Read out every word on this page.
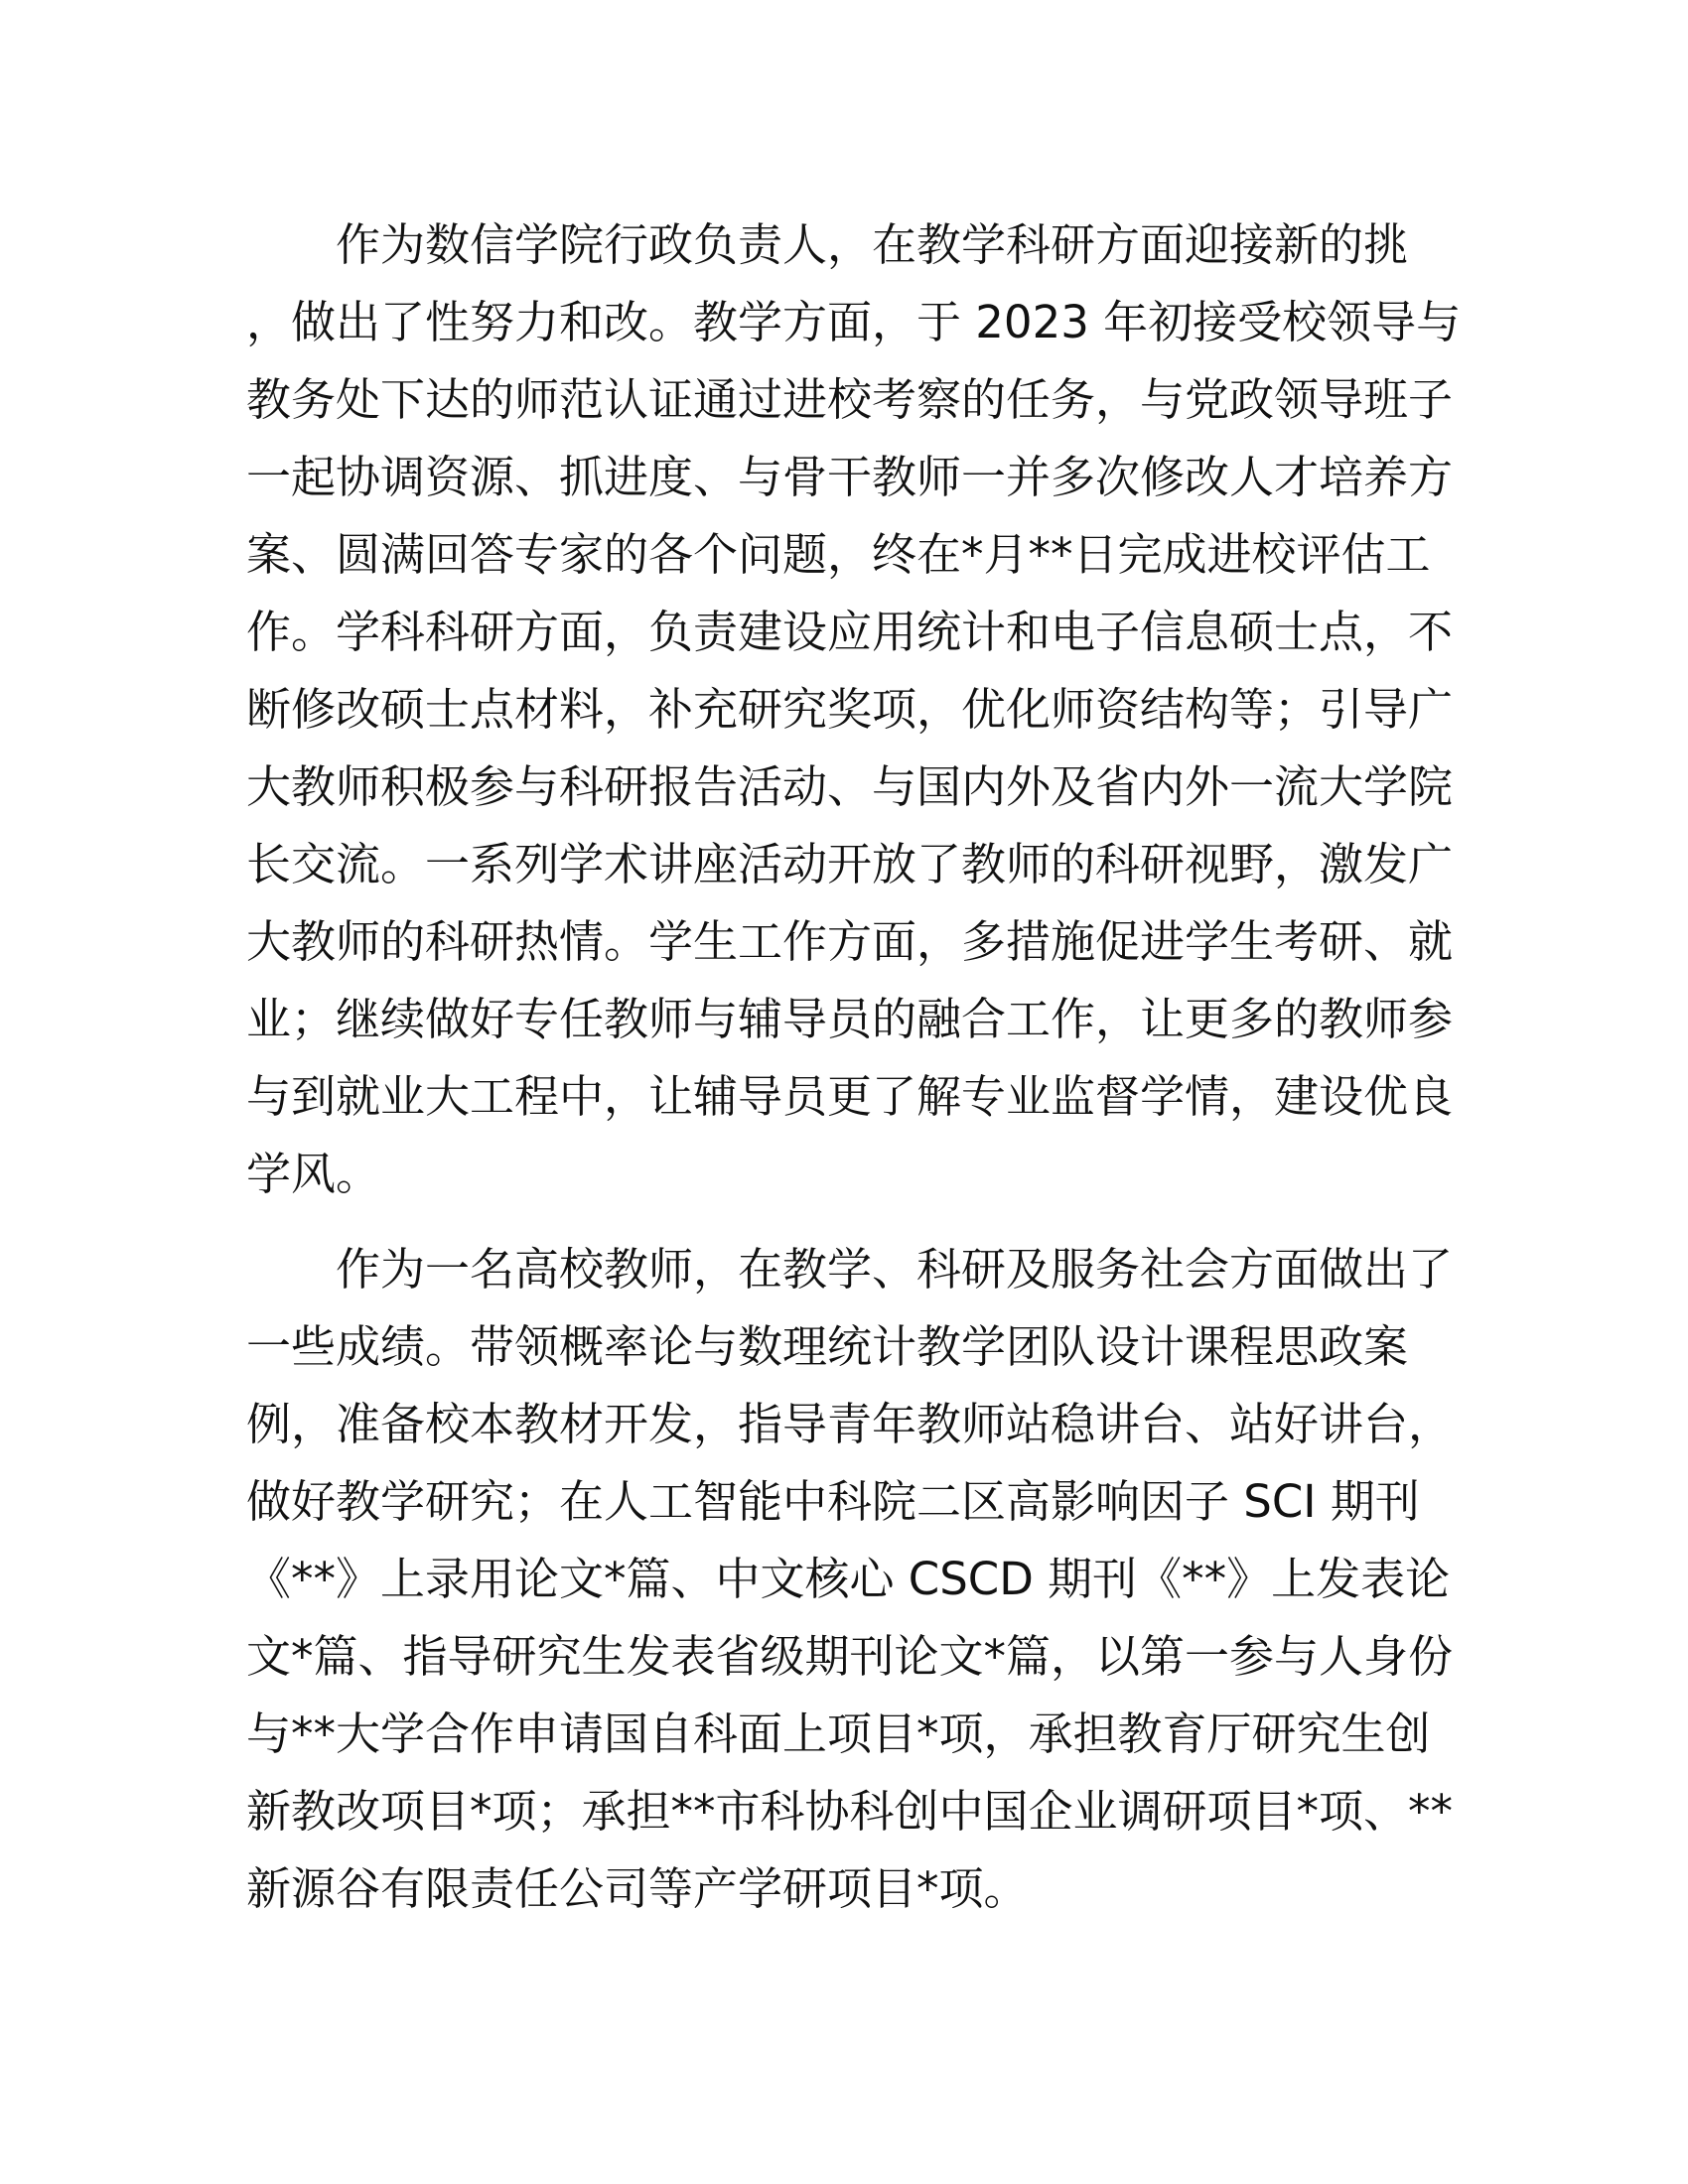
作为数信学院行政负责人，在教学科研方面迎接新的挑
，做出了性努力和改。教学方面，于 2023 年初接受校领导与
教务处下达的师范认证通过进校考察的任务，与党政领导班子
一起协调资源、抓进度、与骨干教师一并多次修改人才培养方
案、圆满回答专家的各个问题，终在*月**日完成进校评估工
作。学科科研方面，负责建设应用统计和电子信息硕士点，不
断修改硕士点材料，补充研究奖项，优化师资结构等；引导广
大教师积极参与科研报告活动、与国内外及省内外一流大学院
长交流。一系列学术讲座活动开放了教师的科研视野，激发广
大教师的科研热情。学生工作方面，多措施促进学生考研、就
业；继续做好专任教师与辅导员的融合工作，让更多的教师参
与到就业大工程中，让辅导员更了解专业监督学情，建设优良
学风。
作为一名高校教师，在教学、科研及服务社会方面做出了
一些成绩。带领概率论与数理统计教学团队设计课程思政案
例，准备校本教材开发，指导青年教师站稳讲台、站好讲台，
做好教学研究；在人工智能中科院二区高影响因子 SCI 期刊
《**》上录用论文*篇、中文核心 CSCD 期刊《**》上发表论
文*篇、指导研究生发表省级期刊论文*篇，以第一参与人身份
与**大学合作申请国自科面上项目*项，承担教育厅研究生创
新教改项目*项；承担**市科协科创中国企业调研项目*项、**
新源谷有限责任公司等产学研项目*项。
